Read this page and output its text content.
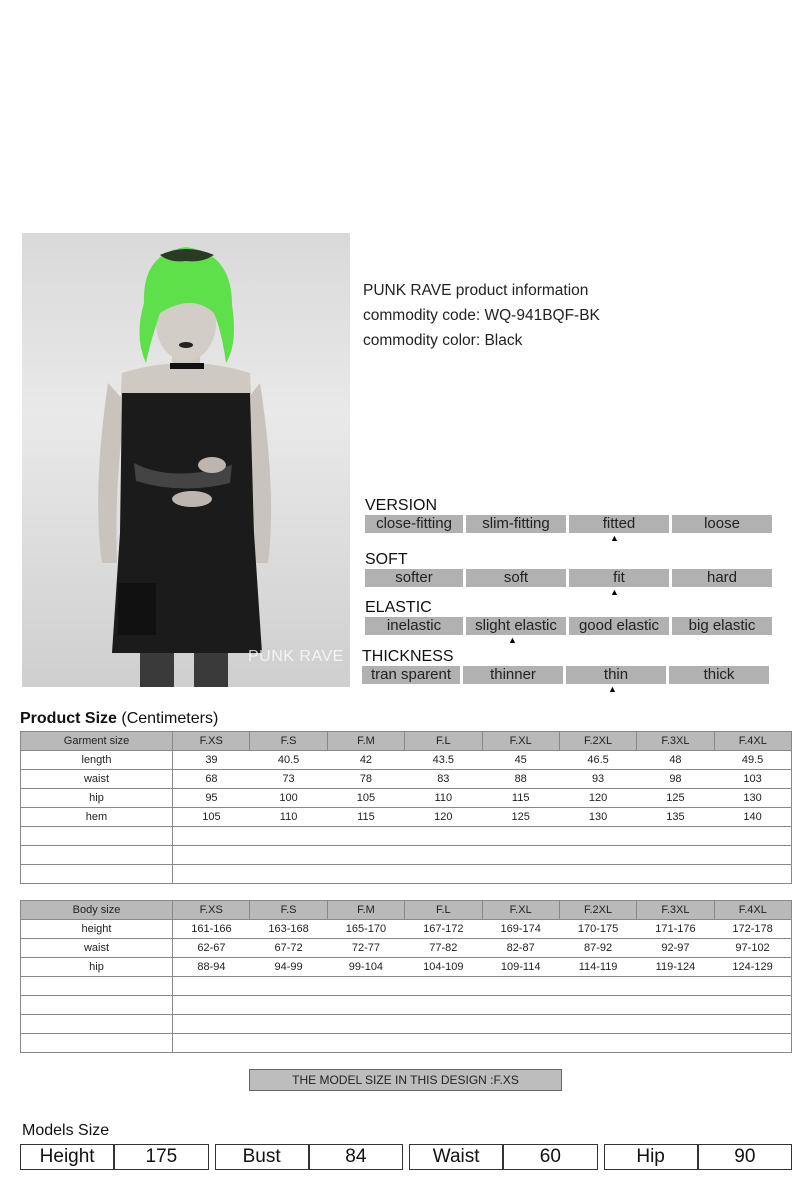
PUNK RAVE
PUNK RAVE product information
commodity code: WQ-941BQF-BK
commodity color: Black
VERSION
close-fitting	slim-fitting	fitted	loose
▲
SOFT
softer	soft	fit	hard
▲
ELASTIC
inelastic	slight elastic	good elastic	big elastic
▲
THICKNESS
tran sparent	thinner	thin	thick
▲
Product Size (Centimeters)
Garment size	F.XS	F.S	F.M	F.L	F.XL	F.2XL	F.3XL	F.4XL
length	39	40.5	42	43.5	45	46.5	48	49.5
waist	68	73	78	83	88	93	98	103
hip	95	100	105	110	115	120	125	130
hem	105	110	115	120	125	130	135	140

Body size	F.XS	F.S	F.M	F.L	F.XL	F.2XL	F.3XL	F.4XL
height	161-166	163-168	165-170	167-172	169-174	170-175	171-176	172-178
waist	62-67	67-72	72-77	77-82	82-87	87-92	92-97	97-102
hip	88-94	94-99	99-104	104-109	109-114	114-119	119-124	124-129

THE MODEL SIZE IN THIS DESIGN :F.XS
Models Size
Height	175		Bust	84		Waist	60		Hip	90
